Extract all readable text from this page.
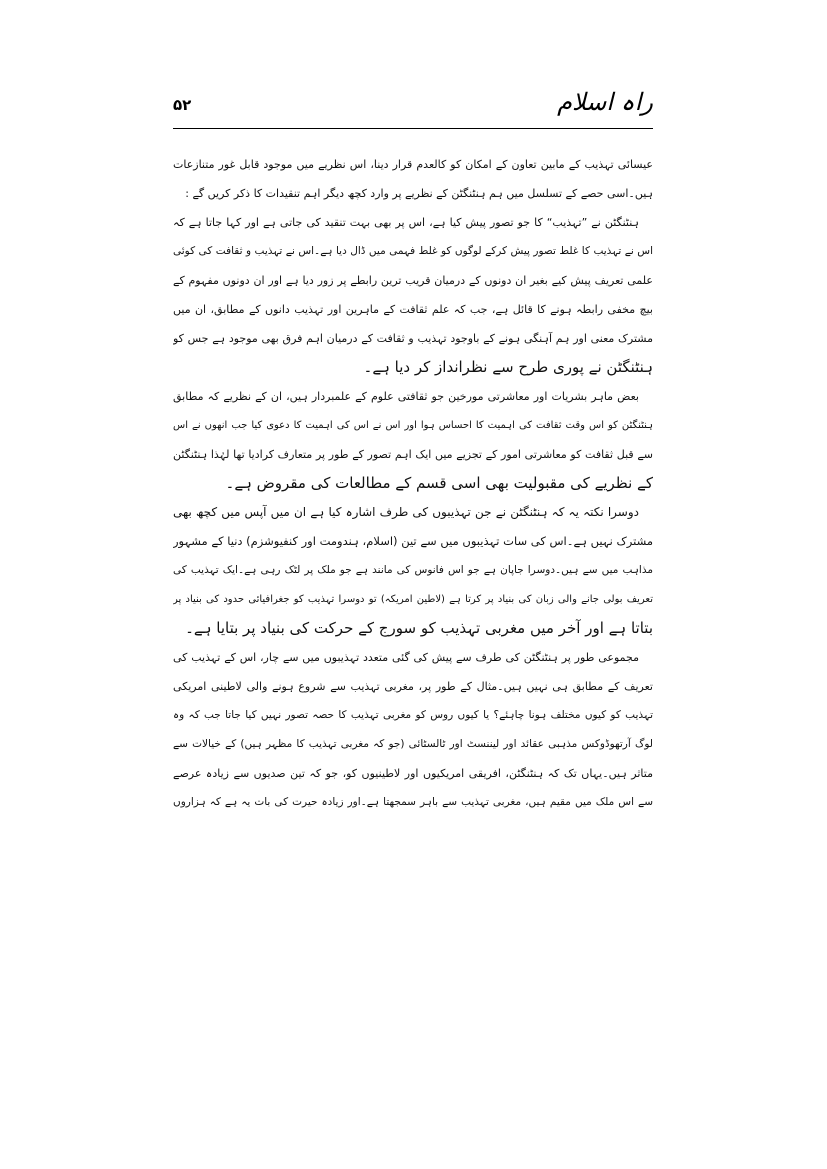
راہ اسلام
۵۲
عیسائی تہذیب کے مابین تعاون کے امکان کو کالعدم قرار دینا، اس نظریے میں موجود قابل غور متنازعات
ہیں۔اسی حصے کے تسلسل میں ہم ہنٹنگٹن کے نظریے پر وارد کچھ دیگر اہم تنقیدات کا ذکر کریں گے :
ہنٹنگٹن نے ”تہذیب“ کا جو تصور پیش کیا ہے، اس پر بھی بہت تنقید کی جاتی ہے اور کہا جاتا ہے کہ
اس نے تہذیب کا غلط تصور پیش کرکے لوگوں کو غلط فہمی میں ڈال دیا ہے۔اس نے تہذیب و ثقافت کی کوئی
علمی تعریف پیش کیے بغیر ان دونوں کے درمیان قریب ترین رابطے پر زور دیا ہے اور ان دونوں مفہوم کے
بیچ مخفی رابطہ ہونے کا قائل ہے، جب کہ علم ثقافت کے ماہرین اور تہذیب دانوں کے مطابق، ان میں
مشترک معنی اور ہم آہنگی ہونے کے باوجود تہذیب و ثقافت کے درمیان اہم فرق بھی موجود ہے جس کو
ہنٹنگٹن نے پوری طرح سے نظرانداز کر دیا ہے۔
بعض ماہر بشریات اور معاشرتی مورخین جو ثقافتی علوم کے علمبردار ہیں، ان کے نظریے کہ مطابق
ہنٹنگٹن کو اس وقت ثقافت کی اہمیت کا احساس ہوا اور اس نے اس کی اہمیت کا دعوی کیا جب انھوں نے اس
سے قبل ثقافت کو معاشرتی امور کے تجزیے میں ایک اہم تصور کے طور پر متعارف کرادیا تھا لہٰذا ہنٹنگٹن
کے نظریے کی مقبولیت بھی اسی قسم کے مطالعات کی مقروض ہے۔
دوسرا نکتہ یہ کہ ہنٹنگٹن نے جن تہذیبوں کی طرف اشارہ کیا ہے ان میں آپس میں کچھ بھی
مشترک نہیں ہے۔اس کی سات تہذیبوں میں سے تین (اسلام، ہندومت اور کنفیوشزم) دنیا کے مشہور
مذاہب میں سے ہیں۔دوسرا جاپان ہے جو اس فانوس کی مانند ہے جو ملک پر لٹک رہی ہے۔ایک تہذیب کی
تعریف بولی جانے والی زبان کی بنیاد پر کرتا ہے (لاطین امریکہ) تو دوسرا تہذیب کو جغرافیائی حدود کی بنیاد پر
بتاتا ہے اور آخر میں مغربی تہذیب کو سورج کے حرکت کی بنیاد پر بتایا ہے۔
مجموعی طور پر ہنٹنگٹن کی طرف سے پیش کی گئی متعدد تہذیبوں میں سے چار، اس کے تہذیب کی
تعریف کے مطابق ہی نہیں ہیں۔مثال کے طور پر، مغربی تہذیب سے شروع ہونے والی لاطینی امریکی
تہذیب کو کیوں مختلف ہونا چاہئے؟ یا کیوں روس کو مغربی تہذیب کا حصہ تصور نہیں کیا جاتا جب کہ وہ
لوگ آرتھوڈوکس مذہبی عقائد اور لیننسٹ اور ٹالسٹائی (جو کہ مغربی تہذیب کا مظہر ہیں) کے خیالات سے
متاثر ہیں۔یہاں تک کہ ہنٹنگٹن، افریقی امریکیوں اور لاطینیوں کو، جو کہ تین صدیوں سے زیادہ عرصے
سے اس ملک میں مقیم ہیں، مغربی تہذیب سے باہر سمجھتا ہے۔اور زیادہ حیرت کی بات یہ ہے کہ ہزاروں
